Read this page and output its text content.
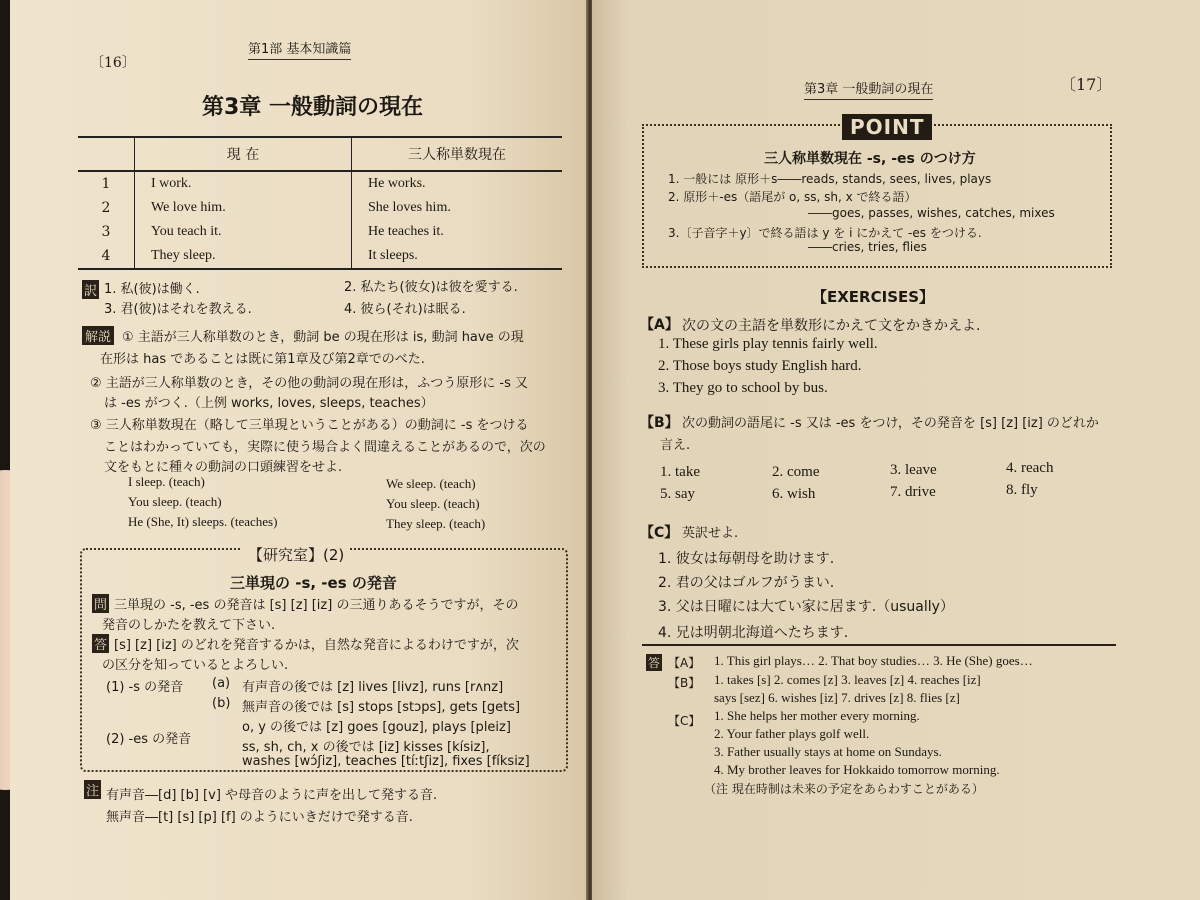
〔16〕
第1部 基本知識篇
第3章 一般動詞の現在
	現 在	三人称単数現在
1	I work.	He works.
2	We love him.	She loves him.
3	You teach it.	He teaches it.
4	They sleep.	It sleeps.
訳 1. 私(彼)は働く.	2. 私たち(彼女)は彼を愛する.
3. 君(彼)はそれを教える.	4. 彼ら(それ)は眠る.
解説 ① 主語が三人称単数のとき，動詞 be の現在形は is, 動詞 have の現
在形は has であることは既に第1章及び第2章でのべた.
② 主語が三人称単数のとき，その他の動詞の現在形は，ふつう原形に -s 又
は -es がつく.（上例 works, loves, sleeps, teaches）
③ 三人称単数現在（略して三単現ということがある）の動詞に -s をつける
ことはわかっていても，実際に使う場合よく間違えることがあるので，次の
文をもとに種々の動詞の口頭練習をせよ.
I sleep. (teach)
You sleep. (teach)
He (She, It) sleeps. (teaches)
We sleep. (teach)
You sleep. (teach)
They sleep. (teach)
【研究室】(2)
三単現の -s, -es の発音
問 三単現の -s, -es の発音は [s] [z] [iz] の三通りあるそうですが，その
発音のしかたを教えて下さい.
答 [s] [z] [iz] のどれを発音するかは，自然な発音によるわけですが，次
の区分を知っているとよろしい.
(1) -s の発音 (a) 有声音の後では [z] lives [livz], runs [rʌnz]
(b) 無声音の後では [s] stops [stɔps], gets [gets]
o, y の後では [z] goes [gouz], plays [pleiz]
(2) -es の発音
ss, sh, ch, x の後では [iz] kisses [kísiz],
washes [wɔ́ʃiz], teaches [tíːtʃiz], fixes [fíksiz]
注 有声音―[d] [b] [v] や母音のように声を出して発する音.
無声音―[t] [s] [p] [f] のようにいきだけで発する音.
第3章 一般動詞の現在	〔17〕
POINT
三人称単数現在 -s, -es のつけ方
1. 一般には 原形＋s――reads, stands, sees, lives, plays
2. 原形＋-es（語尾が o, ss, sh, x で終る語）
――goes, passes, wishes, catches, mixes
3.〔子音字＋y〕で終る語は y を i にかえて -es をつける.
――cries, tries, flies
【EXERCISES】
【A】 次の文の主語を単数形にかえて文をかきかえよ.
1. These girls play tennis fairly well.
2. Those boys study English hard.
3. They go to school by bus.
【B】 次の動詞の語尾に -s 又は -es をつけ，その発音を [s] [z] [iz] のどれか
言え.
1. take	2. come	3. leave	4. reach
5. say	6. wish	7. drive	8. fly
【C】 英訳せよ.
1. 彼女は毎朝母を助けます.
2. 君の父はゴルフがうまい.
3. 父は日曜には大てい家に居ます.（usually）
4. 兄は明朝北海道へたちます.
答 【A】 1. This girl plays… 2. That boy studies… 3. He (She) goes…
【B】 1. takes [s] 2. comes [z] 3. leaves [z] 4. reaches [iz]
says [sez] 6. wishes [iz] 7. drives [z] 8. flies [z]
【C】 1. She helps her mother every morning.
2. Your father plays golf well.
3. Father usually stays at home on Sundays.
4. My brother leaves for Hokkaido tomorrow morning.
（注 現在時制は未来の予定をあらわすことがある）
